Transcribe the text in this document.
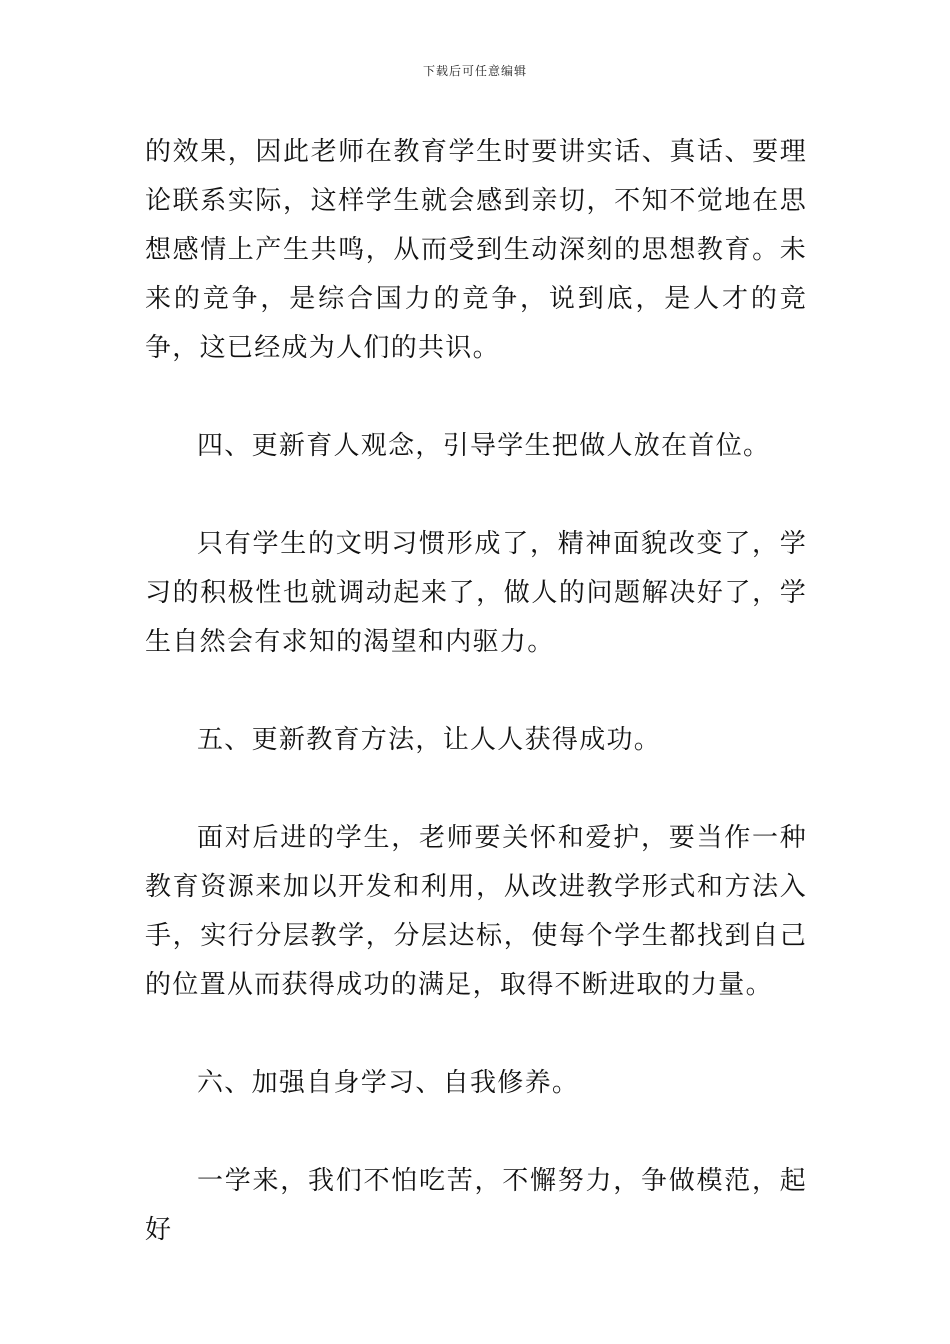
下载后可任意编辑

的效果，因此老师在教育学生时要讲实话、真话、要理论联系实际，这样学生就会感到亲切，不知不觉地在思想感情上产生共鸣，从而受到生动深刻的思想教育。未来的竞争，是综合国力的竞争，说到底，是人才的竞争，这已经成为人们的共识。

四、更新育人观念，引导学生把做人放在首位。

只有学生的文明习惯形成了，精神面貌改变了，学习的积极性也就调动起来了，做人的问题解决好了，学生自然会有求知的渴望和内驱力。

五、更新教育方法，让人人获得成功。

面对后进的学生，老师要关怀和爱护，要当作一种教育资源来加以开发和利用，从改进教学形式和方法入手，实行分层教学，分层达标，使每个学生都找到自己的位置从而获得成功的满足，取得不断进取的力量。

六、加强自身学习、自我修养。

一学来，我们不怕吃苦，不懈努力，争做模范，起好
